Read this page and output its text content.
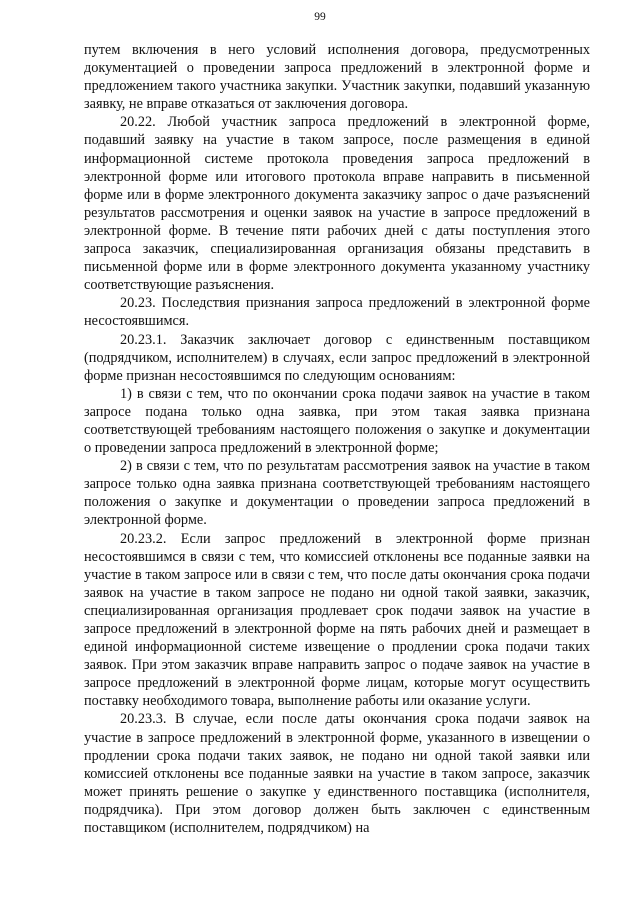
99

путем включения в него условий исполнения договора, предусмотренных документацией о проведении запроса предложений в электронной форме и предложением такого участника закупки. Участник закупки, подавший указанную заявку, не вправе отказаться от заключения договора.

20.22. Любой участник запроса предложений в электронной форме, подавший заявку на участие в таком запросе, после размещения в единой информационной системе протокола проведения запроса предложений в электронной форме или итогового протокола вправе направить в письменной форме или в форме электронного документа заказчику запрос о даче разъяснений результатов рассмотрения и оценки заявок на участие в запросе предложений в электронной форме. В течение пяти рабочих дней с даты поступления этого запроса заказчик, специализированная организация обязаны представить в письменной форме или в форме электронного документа указанному участнику соответствующие разъяснения.

20.23. Последствия признания запроса предложений в электронной форме несостоявшимся.

20.23.1. Заказчик заключает договор с единственным поставщиком (подрядчиком, исполнителем) в случаях, если запрос предложений в электронной форме признан несостоявшимся по следующим основаниям:

1) в связи с тем, что по окончании срока подачи заявок на участие в таком запросе подана только одна заявка, при этом такая заявка признана соответствующей требованиям настоящего положения о закупке и документации о проведении запроса предложений в электронной форме;

2) в связи с тем, что по результатам рассмотрения заявок на участие в таком запросе только одна заявка признана соответствующей требованиям настоящего положения о закупке и документации о проведении запроса предложений в электронной форме.

20.23.2. Если запрос предложений в электронной форме признан несостоявшимся в связи с тем, что комиссией отклонены все поданные заявки на участие в таком запросе или в связи с тем, что после даты окончания срока подачи заявок на участие в таком запросе не подано ни одной такой заявки, заказчик, специализированная организация продлевает срок подачи заявок на участие в запросе предложений в электронной форме на пять рабочих дней и размещает в единой информационной системе извещение о продлении срока подачи таких заявок. При этом заказчик вправе направить запрос о подаче заявок на участие в запросе предложений в электронной форме лицам, которые могут осуществить поставку необходимого товара, выполнение работы или оказание услуги.

20.23.3. В случае, если после даты окончания срока подачи заявок на участие в запросе предложений в электронной форме, указанного в извещении о продлении срока подачи таких заявок, не подано ни одной такой заявки или комиссией отклонены все поданные заявки на участие в таком запросе, заказчик может принять решение о закупке у единственного поставщика (исполнителя, подрядчика). При этом договор должен быть заключен с единственным поставщиком (исполнителем, подрядчиком) на
